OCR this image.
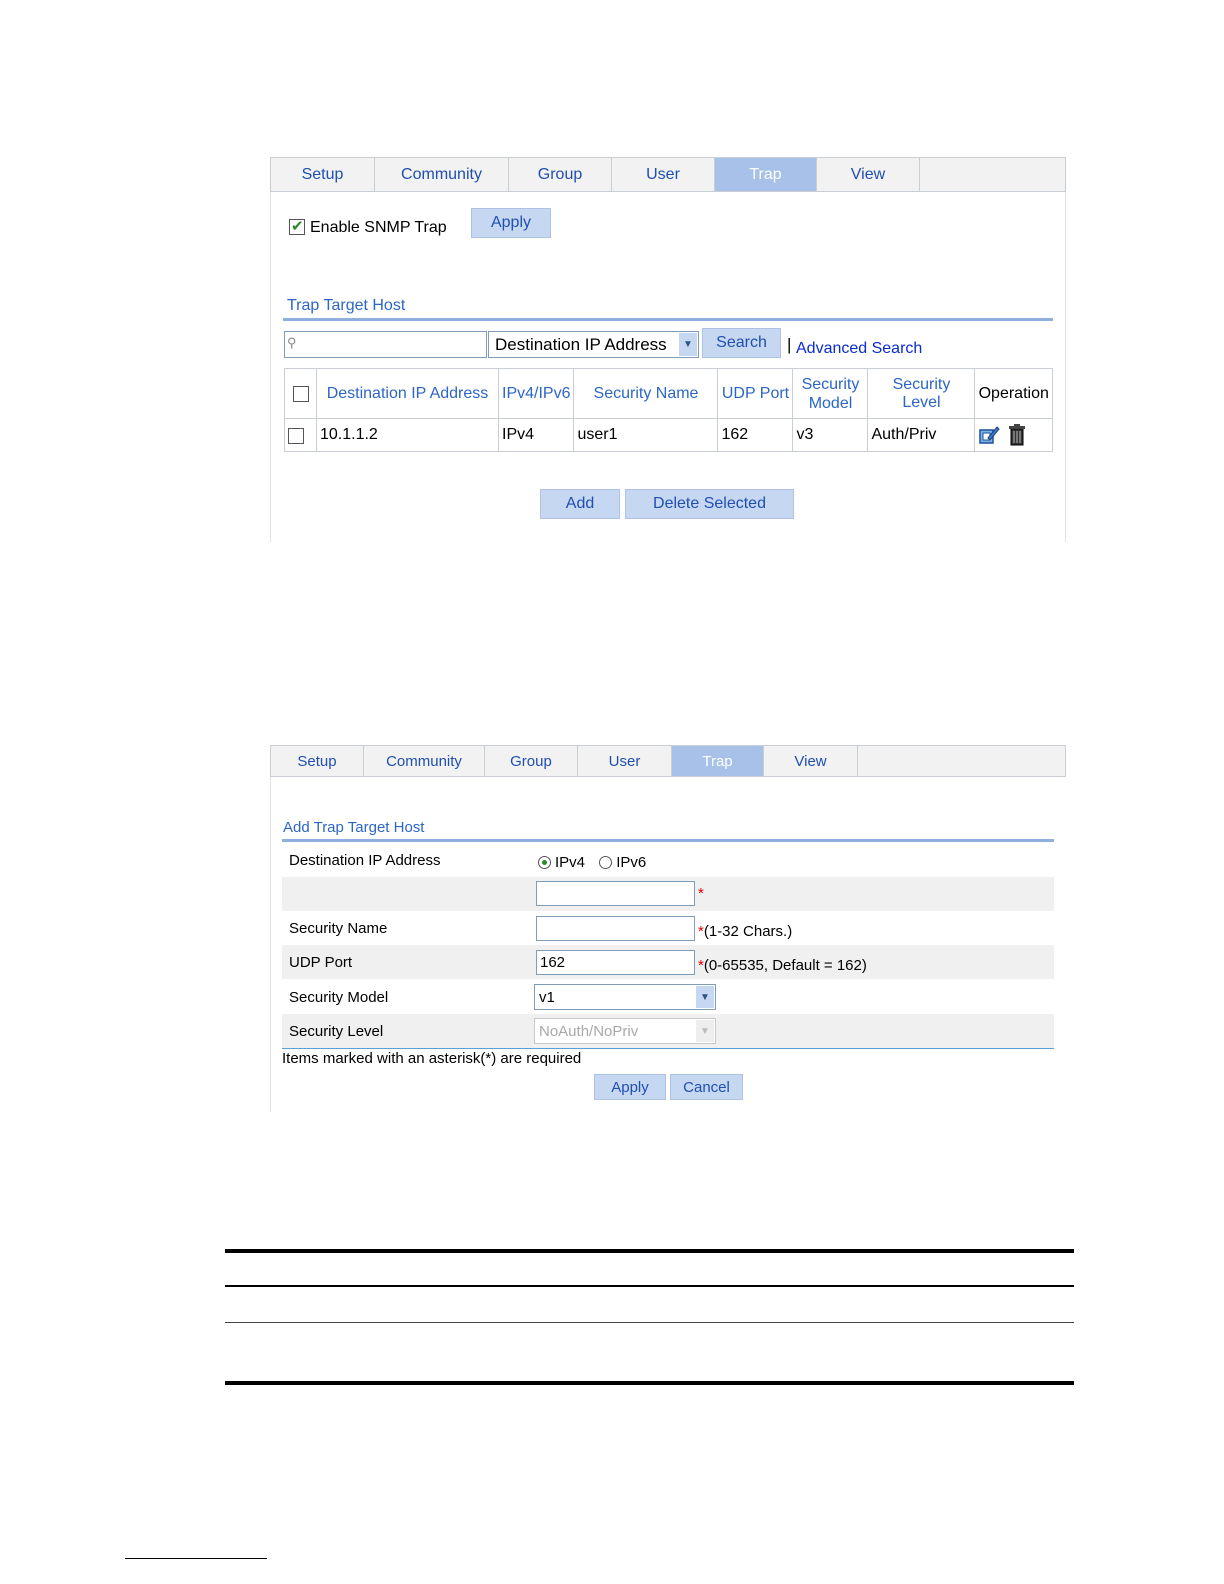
Setup	Community	Group	User	Trap	View
✔
Enable SNMP Trap	Apply
Trap Target Host
⚲	Destination IP Address	▼	Search	| Advanced Search
	Destination IP Address	IPv4/IPv6	Security Name	UDP Port	Security Model	Security Level	Operation
	10.1.1.2	IPv4	user1	162	v3	Auth/Priv	
Add	Delete Selected
Setup	Community	Group	User	Trap	View
Add Trap Target Host
Destination IP Address	IPv4 IPv6
*
Security Name	*(1-32 Chars.)
UDP Port	162	*(0-65535, Default = 162)
Security Model	v1	▼
Security Level	NoAuth/NoPriv	▼
Items marked with an asterisk(*) are required
Apply	Cancel
